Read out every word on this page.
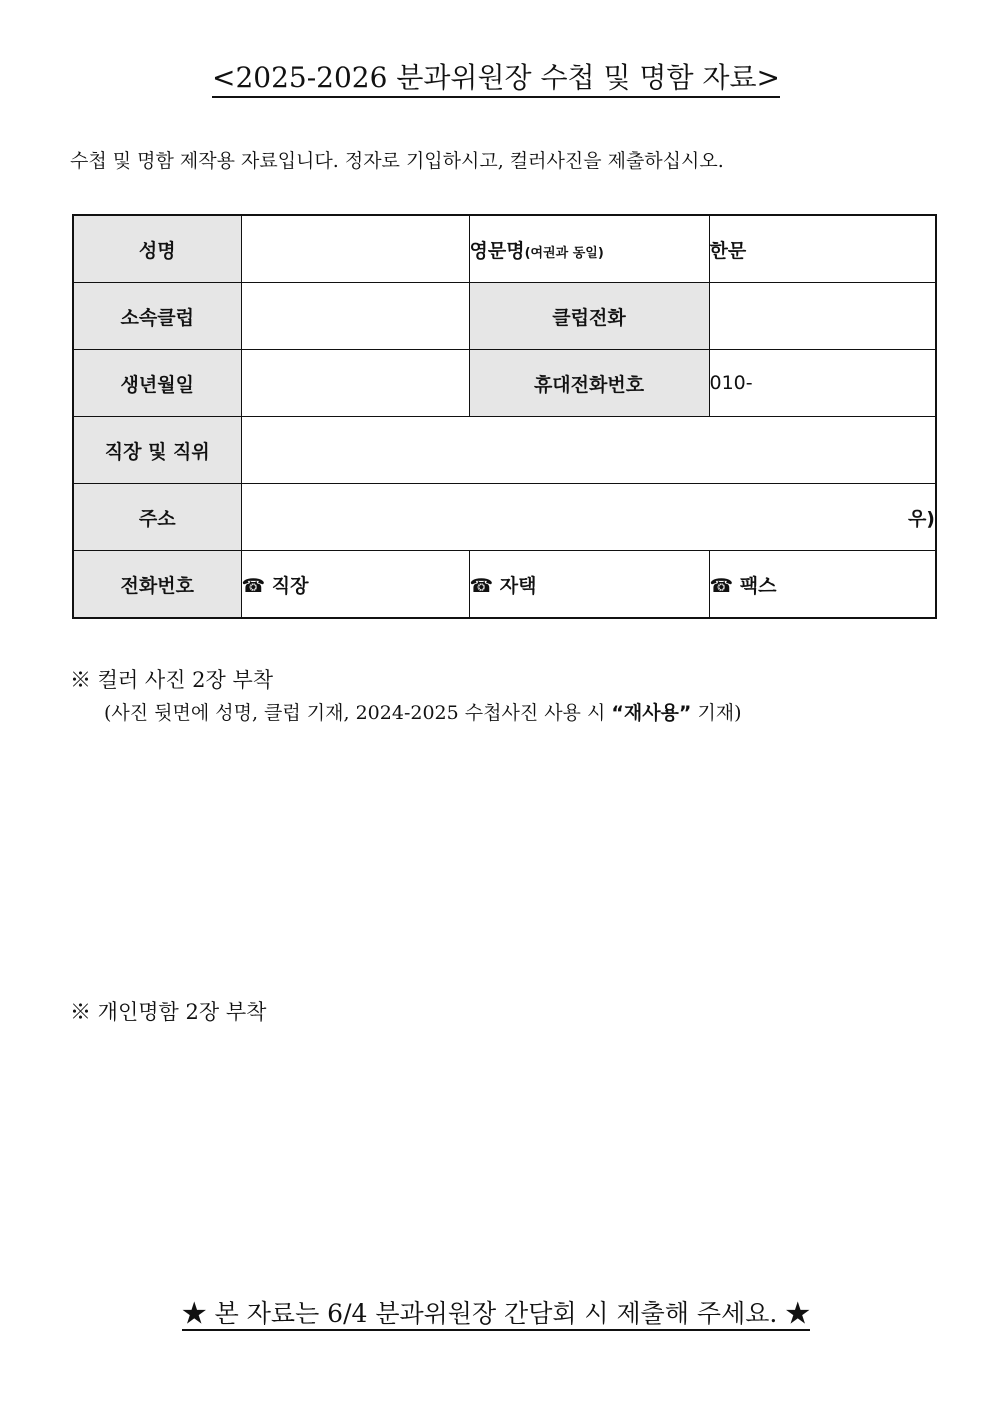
<2025-2026 분과위원장 수첩 및 명함 자료>
수첩 및 명함 제작용 자료입니다. 정자로 기입하시고, 컬러사진을 제출하십시오.
성명		영문명(여권과 동일)	한문
소속클럽		클럽전화	
생년월일		휴대전화번호	010-
직장 및 직위			
주소	우)		
전화번호	☎ 직장	☎ 자택	☎ 팩스
※ 컬러 사진 2장 부착
(사진 뒷면에 성명, 클럽 기재, 2024-2025 수첩사진 사용 시 “재사용” 기재)
※ 개인명함 2장 부착
★ 본 자료는 6/4 분과위원장 간담회 시 제출해 주세요. ★
